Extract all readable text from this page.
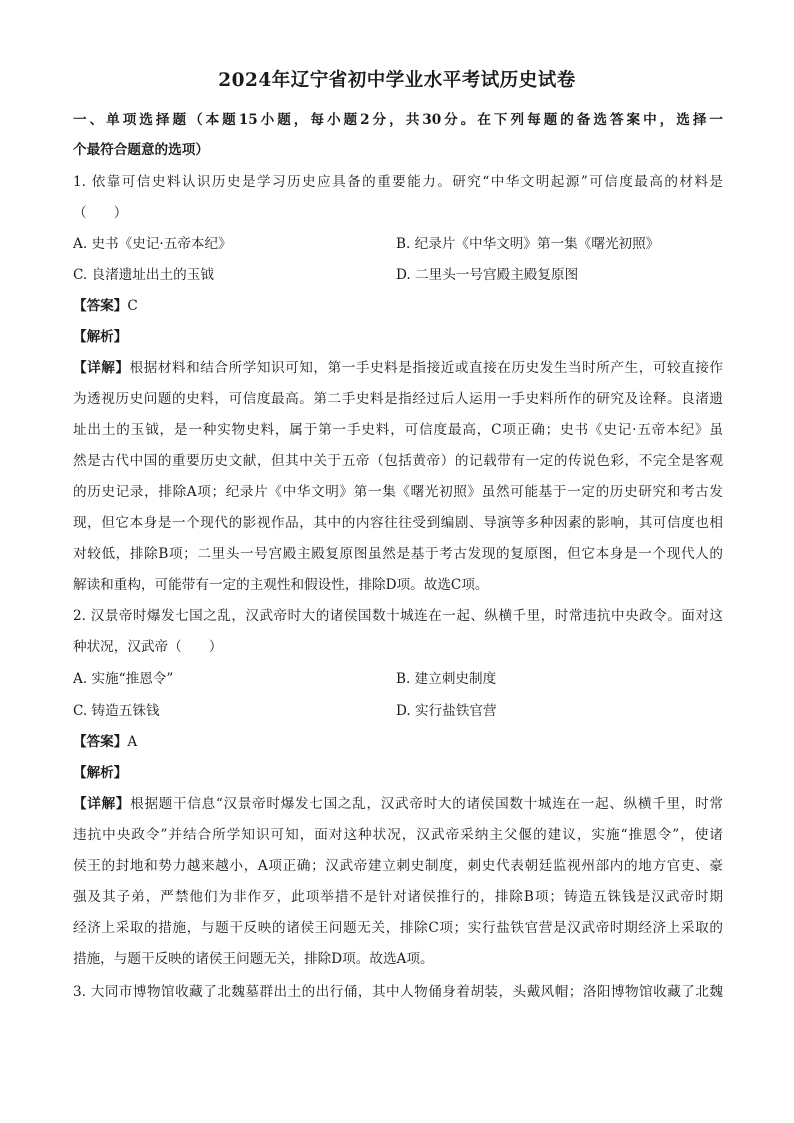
2024年辽宁省初中学业水平考试历史试卷
一、单项选择题（本题15小题，每小题2分，共30分。在下列每题的备选答案中，选择一
个最符合题意的选项）
1. 依靠可信史料认识历史是学习历史应具备的重要能力。研究“中华文明起源”可信度最高的材料是
（　　）
A. 史书《史记·五帝本纪》	B. 纪录片《中华文明》第一集《曙光初照》
C. 良渚遗址出土的玉钺	D. 二里头一号宫殿主殿复原图
【答案】C
【解析】
【详解】根据材料和结合所学知识可知，第一手史料是指接近或直接在历史发生当时所产生，可较直接作
为透视历史问题的史料，可信度最高。第二手史料是指经过后人运用一手史料所作的研究及诠释。良渚遗
址出土的玉钺，是一种实物史料，属于第一手史料，可信度最高，C项正确；史书《史记·五帝本纪》虽
然是古代中国的重要历史文献，但其中关于五帝（包括黄帝）的记载带有一定的传说色彩，不完全是客观
的历史记录，排除A项；纪录片《中华文明》第一集《曙光初照》虽然可能基于一定的历史研究和考古发
现，但它本身是一个现代的影视作品，其中的内容往往受到编剧、导演等多种因素的影响，其可信度也相
对较低，排除B项；二里头一号宫殿主殿复原图虽然是基于考古发现的复原图，但它本身是一个现代人的
解读和重构，可能带有一定的主观性和假设性，排除D项。故选C项。
2. 汉景帝时爆发七国之乱，汉武帝时大的诸侯国数十城连在一起、纵横千里，时常违抗中央政令。面对这
种状况，汉武帝（　　）
A. 实施“推恩令”	B. 建立刺史制度
C. 铸造五铢钱	D. 实行盐铁官营
【答案】A
【解析】
【详解】根据题干信息“汉景帝时爆发七国之乱，汉武帝时大的诸侯国数十城连在一起、纵横千里，时常
违抗中央政令”并结合所学知识可知，面对这种状况，汉武帝采纳主父偃的建议，实施“推恩令”，使诸
侯王的封地和势力越来越小，A项正确；汉武帝建立刺史制度，刺史代表朝廷监视州部内的地方官吏、豪
强及其子弟，严禁他们为非作歹，此项举措不是针对诸侯推行的，排除B项；铸造五铢钱是汉武帝时期
经济上采取的措施，与题干反映的诸侯王问题无关，排除C项；实行盐铁官营是汉武帝时期经济上采取的
措施，与题干反映的诸侯王问题无关，排除D项。故选A项。
3. 大同市博物馆收藏了北魏墓群出土的出行俑，其中人物俑身着胡装，头戴风帽；洛阳博物馆收藏了北魏
